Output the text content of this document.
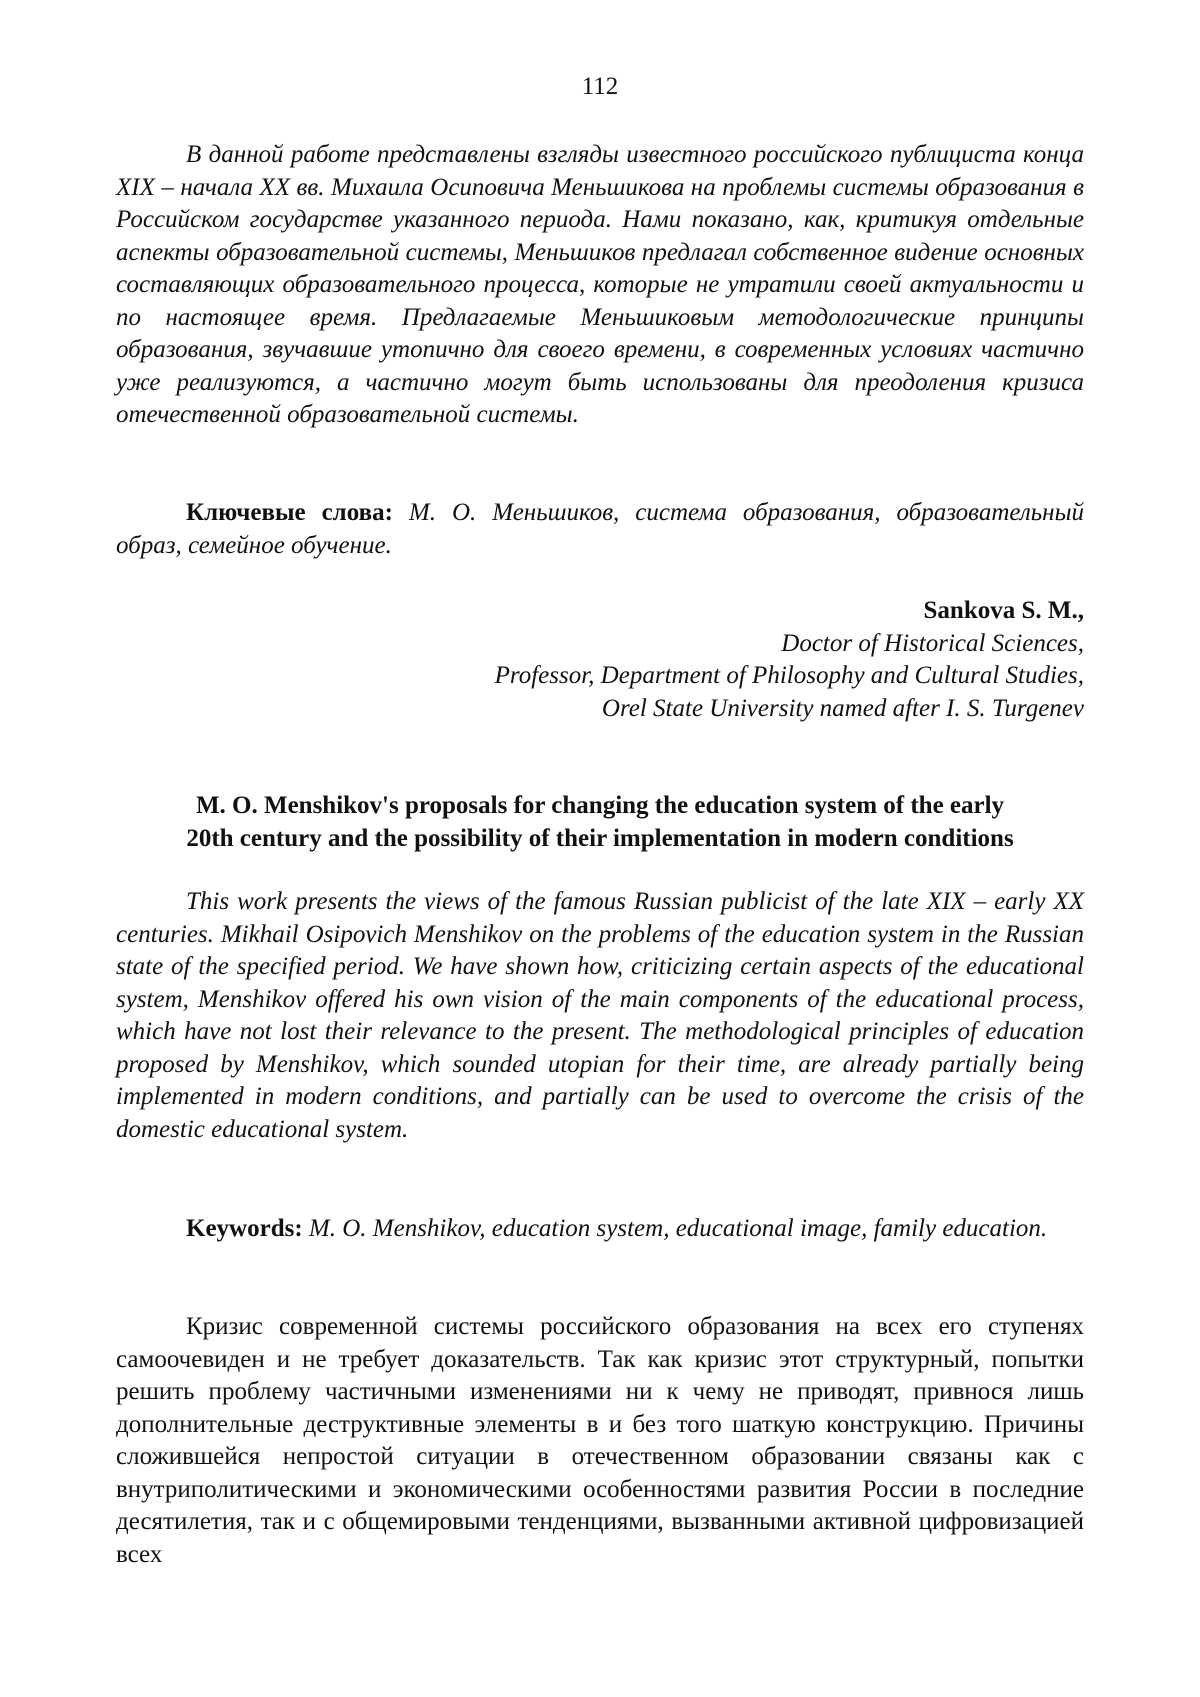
112

В данной работе представлены взгляды известного российского публициста конца XIX – начала XX вв. Михаила Осиповича Меньшикова на проблемы системы образования в Российском государстве указанного периода. Нами показано, как, критикуя отдельные аспекты образовательной системы, Меньшиков предлагал собственное видение основных составляющих образовательного процесса, которые не утратили своей актуальности и по настоящее время. Предлагаемые Меньшиковым методологические принципы образования, звучавшие утопично для своего времени, в современных условиях частично уже реализуются, а частично могут быть использованы для преодоления кризиса отечественной образовательной системы.

Ключевые слова: М. О. Меньшиков, система образования, образовательный образ, семейное обучение.

Sankova S. M.,
Doctor of Historical Sciences,
Professor, Department of Philosophy and Cultural Studies,
Orel State University named after I. S. Turgenev
M. O. Menshikov's proposals for changing the education system of the early
20th century and the possibility of their implementation in modern conditions

This work presents the views of the famous Russian publicist of the late XIX – early XX centuries. Mikhail Osipovich Menshikov on the problems of the education system in the Russian state of the specified period. We have shown how, criticizing certain aspects of the educational system, Menshikov offered his own vision of the main components of the educational process, which have not lost their relevance to the present. The methodological principles of education proposed by Menshikov, which sounded utopian for their time, are already partially being implemented in modern conditions, and partially can be used to overcome the crisis of the domestic educational system.

Keywords: M. O. Menshikov, education system, educational image, family education.

Кризис современной системы российского образования на всех его ступенях самоочевиден и не требует доказательств. Так как кризис этот структурный, попытки решить проблему частичными изменениями ни к чему не приводят, привнося лишь дополнительные деструктивные элементы в и без того шаткую конструкцию. Причины сложившейся непростой ситуации в отечественном образовании связаны как с внутриполитическими и экономическими особенностями развития России в последние десятилетия, так и с общемировыми тенденциями, вызванными активной цифровизацией всех
